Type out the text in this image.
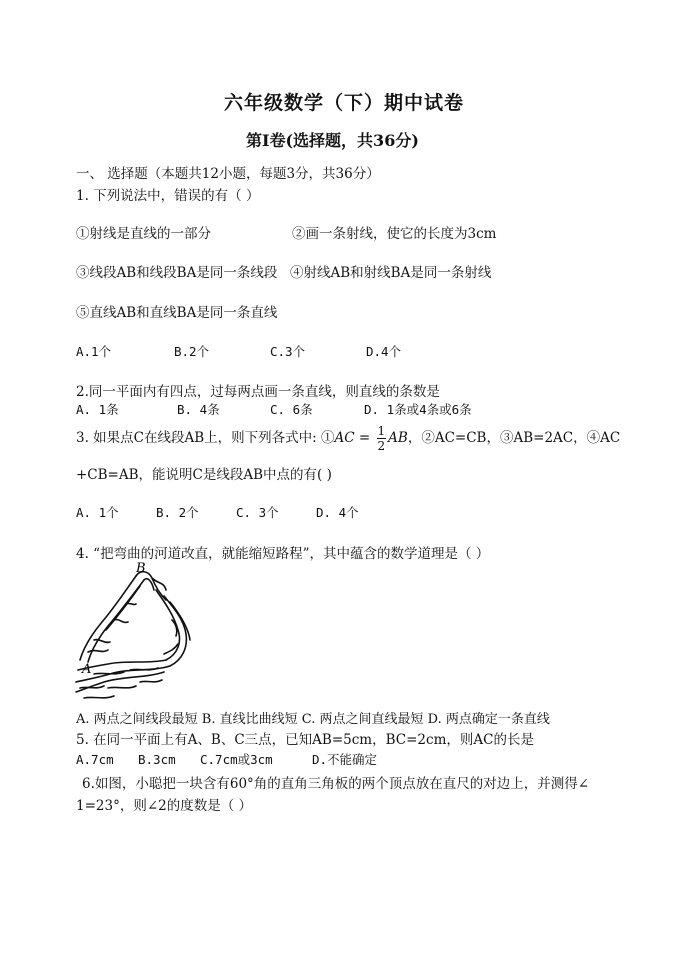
六年级数学（下）期中试卷
第Ⅰ卷(选择题，共36分)
一、 选择题（本题共12小题，每题3分，共36分）
1. 下列说法中，错误的有（ ）
①射线是直线的一部分	②画一条射线，使它的长度为3cm
③线段AB和线段BA是同一条线段 ④射线AB和射线BA是同一条射线
⑤直线AB和直线BA是同一条直线
A.1个	B.2个	C.3个	D.4个
2.同一平面内有四点，过每两点画一条直线，则直线的条数是
A. 1条	B. 4条	C. 6条	D. 1条或4条或6条
3. 如果点C在线段AB上，则下列各式中: ①AC = $\frac{1}{2}$ AB，②AC=CB，③AB=2AC，④AC
+CB=AB，能说明C是线段AB中点的有( )
A. 1个	B. 2个	C. 3个	D. 4个
4. “把弯曲的河道改直，就能缩短路程”，其中蕴含的数学道理是（ ）
B
A
A. 两点之间线段最短 B. 直线比曲线短 C. 两点之间直线最短 D. 两点确定一条直线
5. 在同一平面上有A、B、C三点，已知AB=5cm，BC=2cm，则AC的长是
A.7cm B.3cm C.7cm或3cm	D.不能确定
6.如图，小聪把一块含有60°角的直角三角板的两个顶点放在直尺的对边上，并测得∠
1=23°，则∠2的度数是（ ）
